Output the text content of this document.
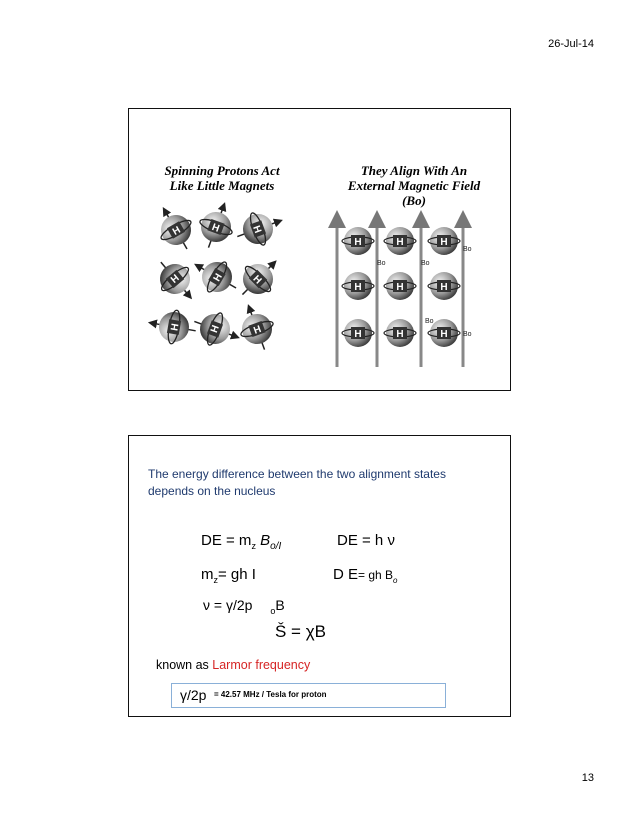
26-Jul-14
Spinning Protons Act
Like Little Magnets
They Align With An
External Magnetic Field
(Bo)
H	H	H
H	H	H
H	H	H
H	H	H
H	H	H
H	H	H
Bo	Bo
Bo
Bo
Bo
The energy difference between the two alignment states
depends on the nucleus
DE = $m_z$ $B_{o/I}$	DE = h ν
$m_z=$ gh I	D E= gh $B_o$
ν = γ/2p $_o$B
Š = χB
known as Larmor frequency
γ/2p = 42.57 MHz / Tesla for proton
13
